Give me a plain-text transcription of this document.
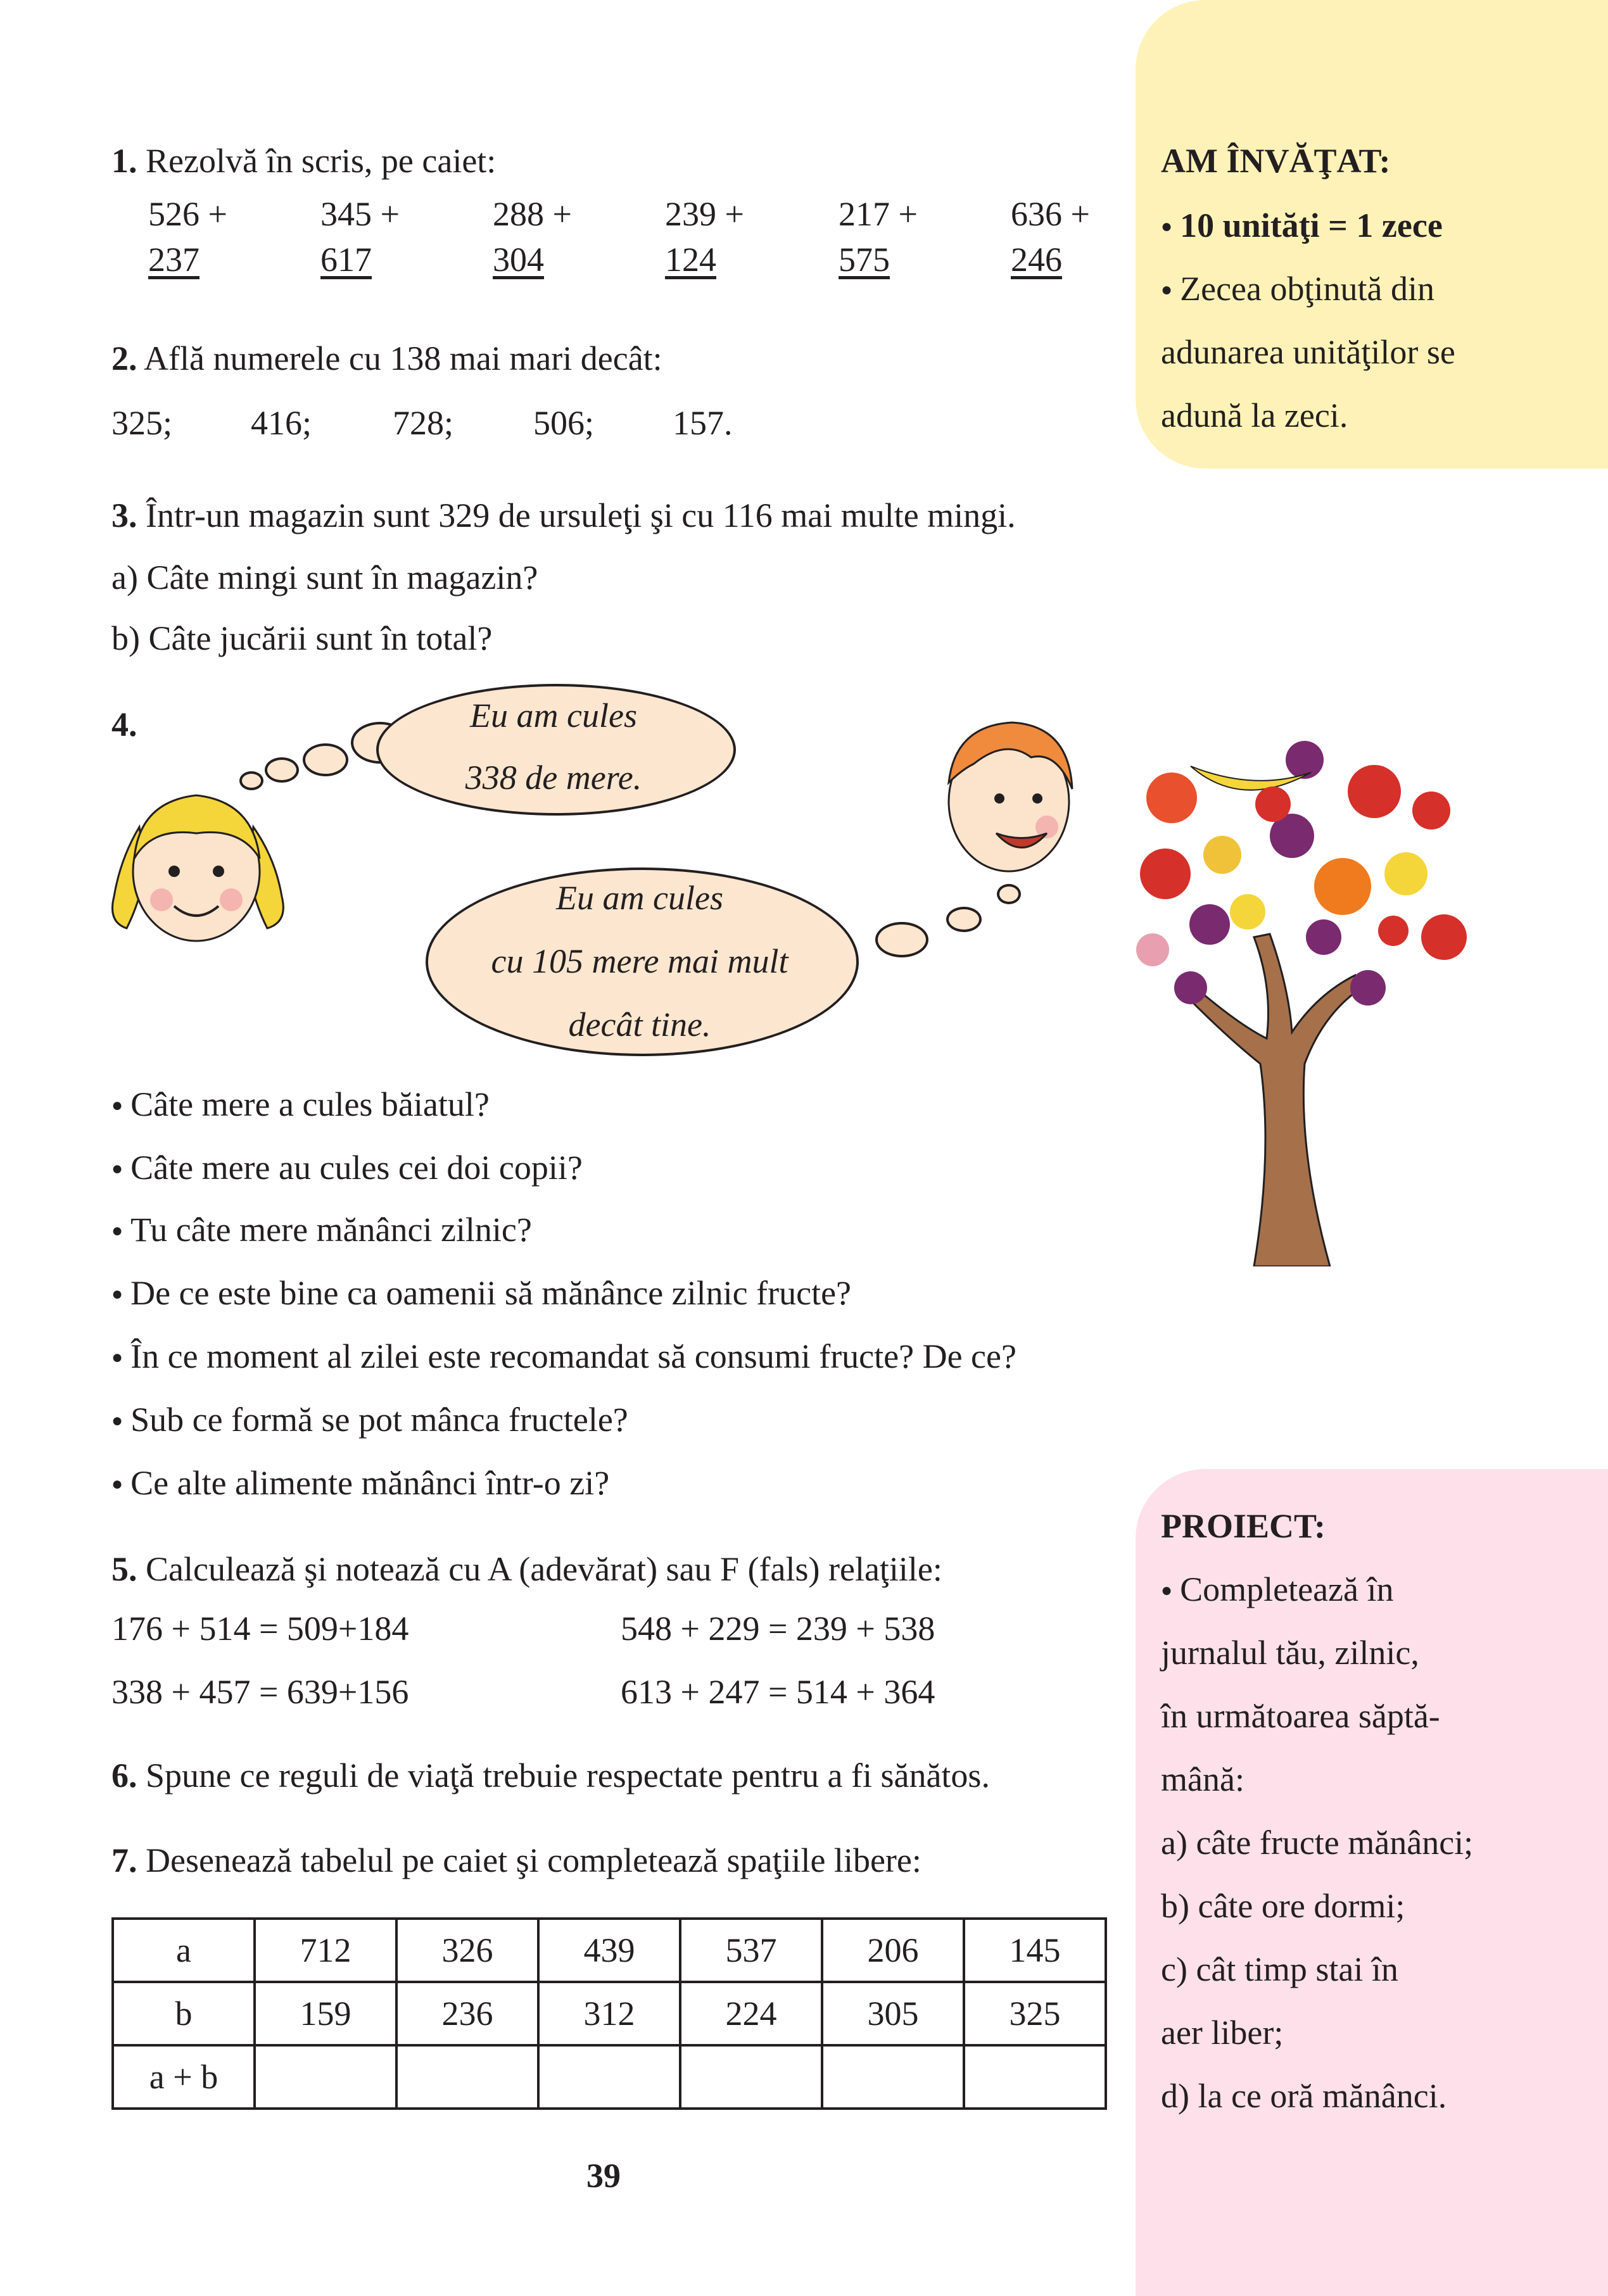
AM ÎNVĂŢAT:
● 10 unităţi = 1 zece
● Zecea obţinută din
adunarea unităţilor se
adună la zeci.
1. Rezolvă în scris, pe caiet:
526 +
237
345 +
617
288 +
304
239 +
124
217 +
575
636 +
246
2. Află numerele cu 138 mai mari decât:
325; 416; 728; 506; 157.
3. Într-un magazin sunt 329 de ursuleţi şi cu 116 mai multe mingi.
a) Câte mingi sunt în magazin?
b) Câte jucării sunt în total?
4.	Eu am cules
338 de mere.
Eu am cules
cu 105 mere mai mult
decât tine.
● Câte mere a cules băiatul?
● Câte mere au cules cei doi copii?
● Tu câte mere mănânci zilnic?
● De ce este bine ca oamenii să mănânce zilnic fructe?
● În ce moment al zilei este recomandat să consumi fructe? De ce?
● Sub ce formă se pot mânca fructele?
● Ce alte alimente mănânci într-o zi?
PROIECT:
● Completează în
jurnalul tău, zilnic,
în următoarea săptă-
mână:
a) câte fructe mănânci;
b) câte ore dormi;
c) cât timp stai în
aer liber;
d) la ce oră mănânci.
5. Calculează şi notează cu A (adevărat) sau F (fals) relaţiile:
176 + 514 = 509+184	548 + 229 = 239 + 538
338 + 457 = 639+156	613 + 247 = 514 + 364
6. Spune ce reguli de viaţă trebuie respectate pentru a fi sănătos.
7. Desenează tabelul pe caiet şi completează spaţiile libere:
a	712	326	439	537	206	145
b	159	236	312	224	305	325
a + b						
39
